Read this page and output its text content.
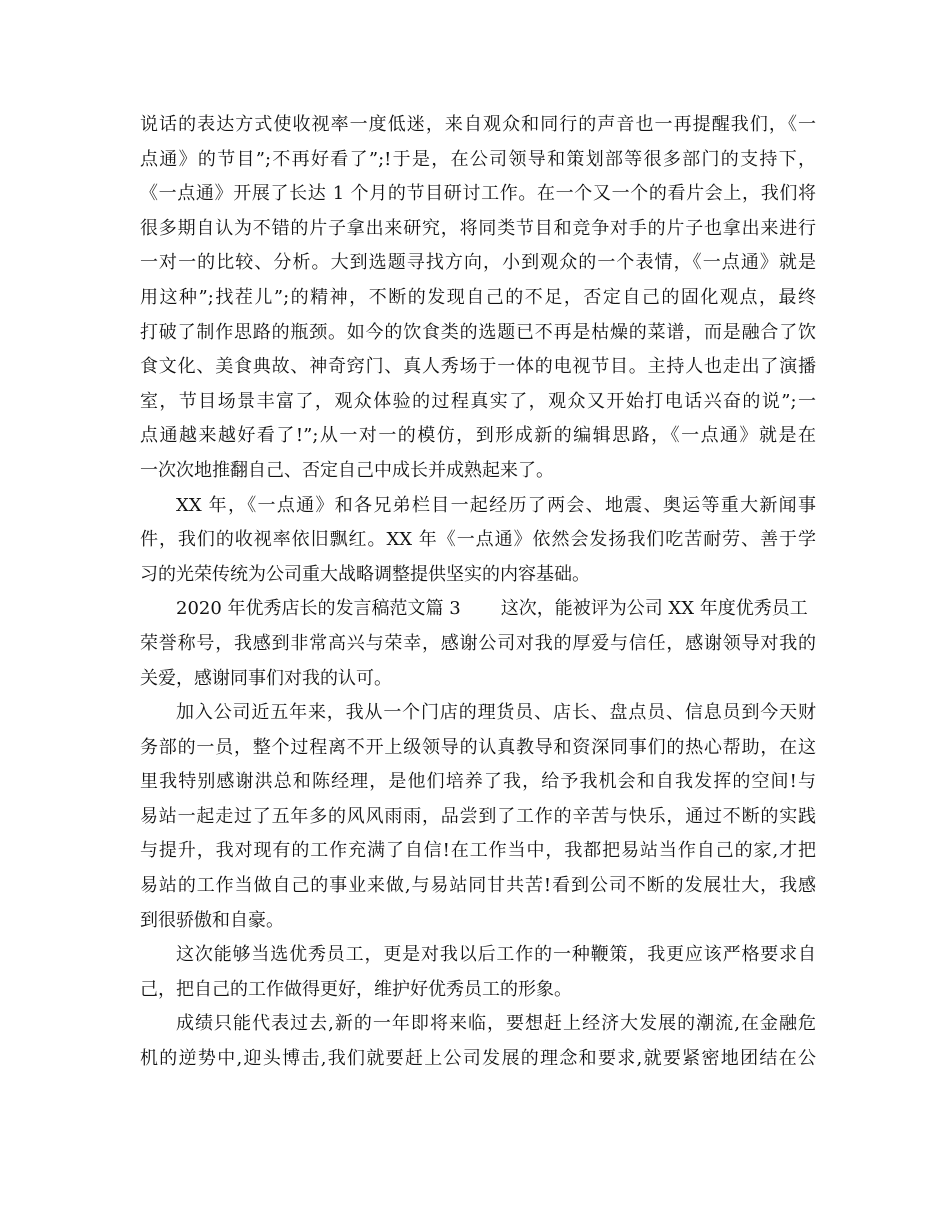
说话的表达方式使收视率一度低迷，来自观众和同行的声音也一再提醒我们，《一
点通》的节目”;不再好看了”;!于是，在公司领导和策划部等很多部门的支持下，
《一点通》开展了长达 1 个月的节目研讨工作。在一个又一个的看片会上，我们将
很多期自认为不错的片子拿出来研究，将同类节目和竞争对手的片子也拿出来进行
一对一的比较、分析。大到选题寻找方向，小到观众的一个表情，《一点通》就是
用这种”;找茬儿”;的精神，不断的发现自己的不足，否定自己的固化观点，最终
打破了制作思路的瓶颈。如今的饮食类的选题已不再是枯燥的菜谱，而是融合了饮
食文化、美食典故、神奇窍门、真人秀场于一体的电视节目。主持人也走出了演播
室，节目场景丰富了，观众体验的过程真实了，观众又开始打电话兴奋的说”;一
点通越来越好看了!”;从一对一的模仿，到形成新的编辑思路，《一点通》就是在
一次次地推翻自己、否定自己中成长并成熟起来了。
XX 年，《一点通》和各兄弟栏目一起经历了两会、地震、奥运等重大新闻事
件，我们的收视率依旧飘红。XX 年《一点通》依然会发扬我们吃苦耐劳、善于学
习的光荣传统为公司重大战略调整提供坚实的内容基础。
2020 年优秀店长的发言稿范文篇 3 这次，能被评为公司 XX 年度优秀员工
荣誉称号，我感到非常高兴与荣幸，感谢公司对我的厚爱与信任，感谢领导对我的
关爱，感谢同事们对我的认可。
加入公司近五年来，我从一个门店的理货员、店长、盘点员、信息员到今天财
务部的一员，整个过程离不开上级领导的认真教导和资深同事们的热心帮助，在这
里我特别感谢洪总和陈经理，是他们培养了我，给予我机会和自我发挥的空间!与
易站一起走过了五年多的风风雨雨，品尝到了工作的辛苦与快乐，通过不断的实践
与提升，我对现有的工作充满了自信!在工作当中，我都把易站当作自己的家,才把
易站的工作当做自己的事业来做,与易站同甘共苦!看到公司不断的发展壮大，我感
到很骄傲和自豪。
这次能够当选优秀员工，更是对我以后工作的一种鞭策，我更应该严格要求自
己，把自己的工作做得更好，维护好优秀员工的形象。
成绩只能代表过去,新的一年即将来临，要想赶上经济大发展的潮流,在金融危
机的逆势中,迎头博击,我们就要赶上公司发展的理念和要求,就要紧密地团结在公
